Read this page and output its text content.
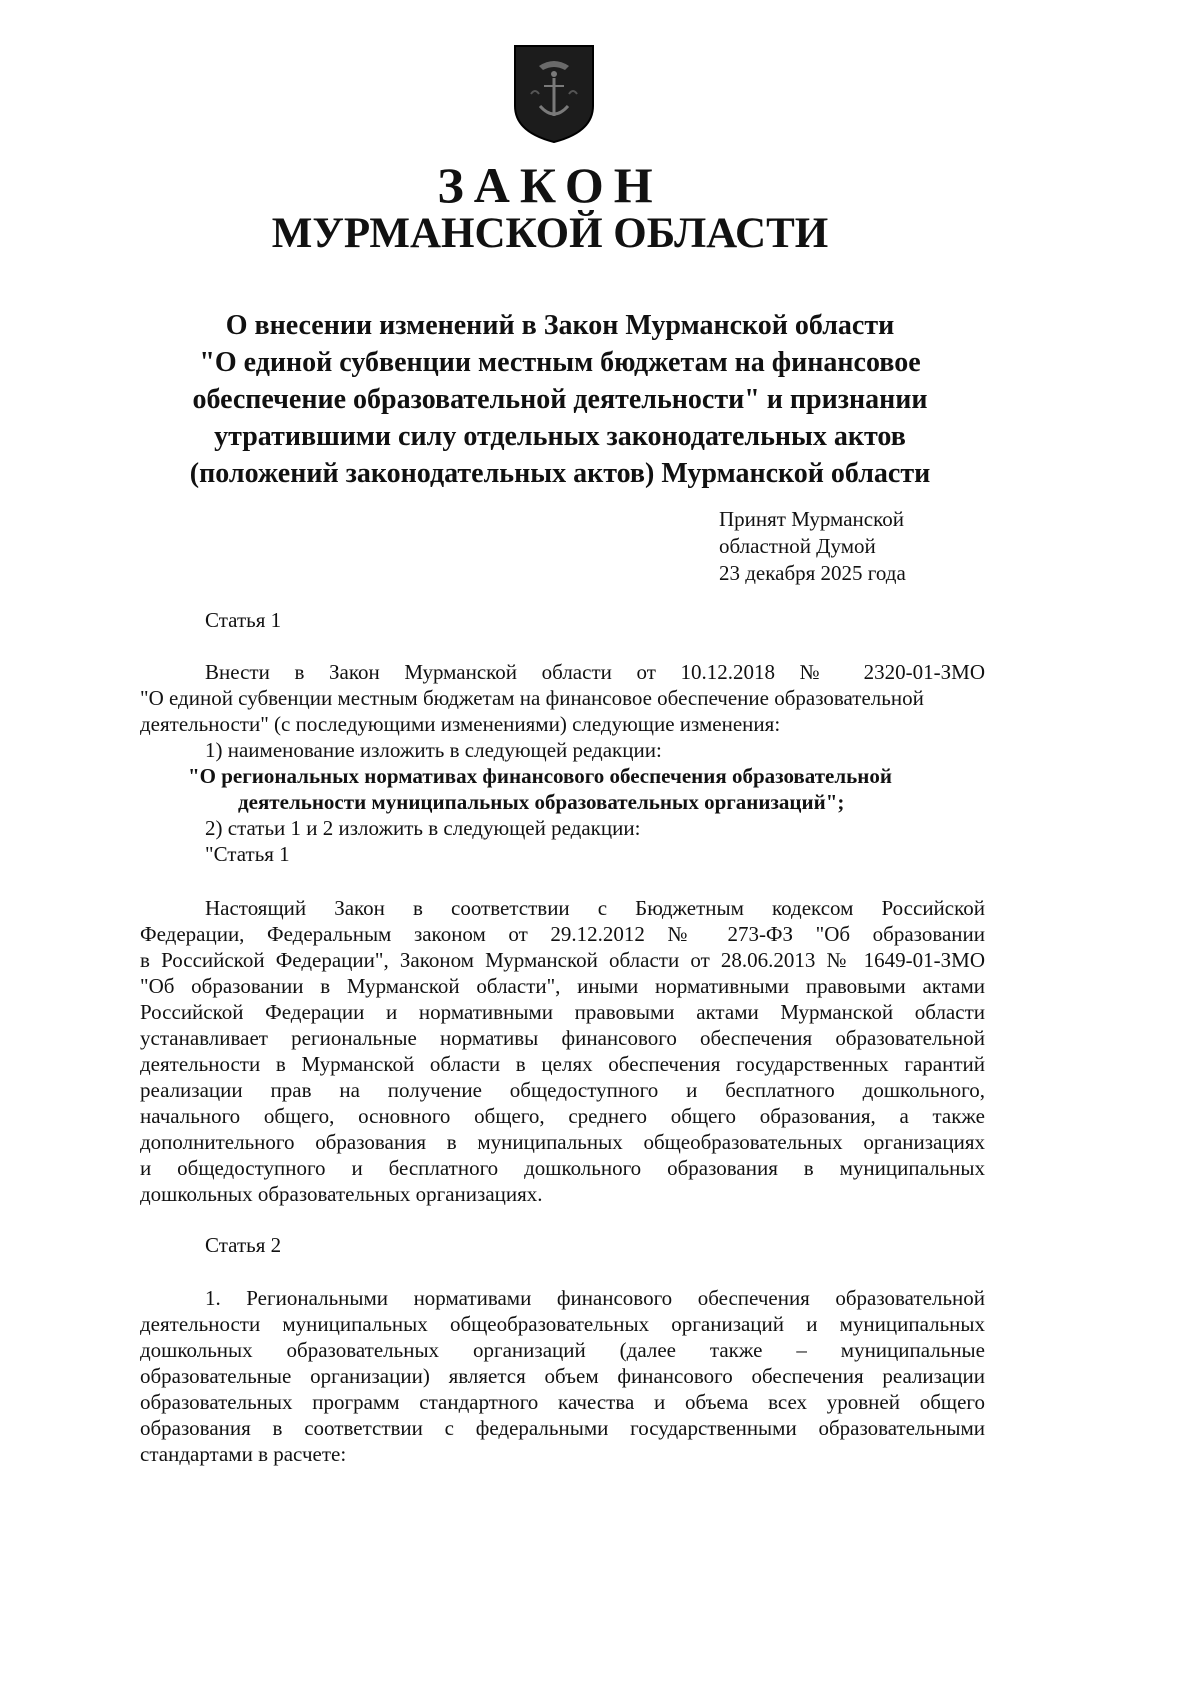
ЗАКОН
МУРМАНСКОЙ ОБЛАСТИ
О внесении изменений в Закон Мурманской области
"О единой субвенции местным бюджетам на финансовое
обеспечение образовательной деятельности" и признании
утратившими силу отдельных законодательных актов
(положений законодательных актов) Мурманской области
Принят Мурманской
областной Думой
23 декабря 2025 года
Статья 1
Внести в Закон Мурманской области от 10.12.2018 № 2320-01-ЗМО
"О единой субвенции местным бюджетам на финансовое обеспечение образовательной
деятельности" (с последующими изменениями) следующие изменения:
1) наименование изложить в следующей редакции:
"О региональных нормативах финансового обеспечения образовательной
деятельности муниципальных образовательных организаций";
2) статьи 1 и 2 изложить в следующей редакции:
"Статья 1
Настоящий Закон в соответствии с Бюджетным кодексом Российской
Федерации, Федеральным законом от 29.12.2012 № 273-ФЗ "Об образовании
в Российской Федерации", Законом Мурманской области от 28.06.2013 № 1649-01-ЗМО
"Об образовании в Мурманской области", иными нормативными правовыми актами
Российской Федерации и нормативными правовыми актами Мурманской области
устанавливает региональные нормативы финансового обеспечения образовательной
деятельности в Мурманской области в целях обеспечения государственных гарантий
реализации прав на получение общедоступного и бесплатного дошкольного,
начального общего, основного общего, среднего общего образования, а также
дополнительного образования в муниципальных общеобразовательных организациях
и общедоступного и бесплатного дошкольного образования в муниципальных
дошкольных образовательных организациях.
Статья 2
1. Региональными нормативами финансового обеспечения образовательной
деятельности муниципальных общеобразовательных организаций и муниципальных
дошкольных образовательных организаций (далее также – муниципальные
образовательные организации) является объем финансового обеспечения реализации
образовательных программ стандартного качества и объема всех уровней общего
образования в соответствии с федеральными государственными образовательными
стандартами в расчете:
